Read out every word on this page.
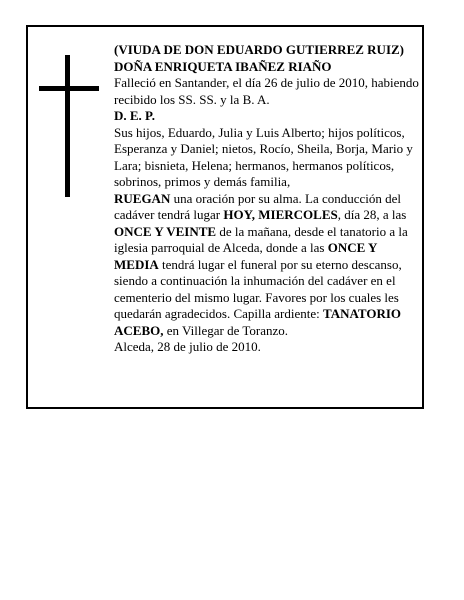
(VIUDA DE DON EDUARDO GUTIERREZ RUIZ)

DOÑA ENRIQUETA IBAÑEZ RIAÑO

Falleció en Santander, el día 26 de julio de 2010, habiendo recibido los SS. SS. y la B. A.

D. E. P.

Sus hijos, Eduardo, Julia y Luis Alberto; hijos políticos, Esperanza y Daniel; nietos, Rocío, Sheila, Borja, Mario y Lara; bisnieta, Helena; hermanos, hermanos políticos, sobrinos, primos y demás familia,

RUEGAN una oración por su alma. La conducción del cadáver tendrá lugar HOY, MIERCOLES, día 28, a las ONCE Y VEINTE de la mañana, desde el tanatorio a la iglesia parroquial de Alceda, donde a las ONCE Y MEDIA tendrá lugar el funeral por su eterno descanso, siendo a continuación la inhumación del cadáver en el cementerio del mismo lugar. Favores por los cuales les quedarán agradecidos. Capilla ardiente: TANATORIO ACEBO, en Villegar de Toranzo.

Alceda, 28 de julio de 2010.
